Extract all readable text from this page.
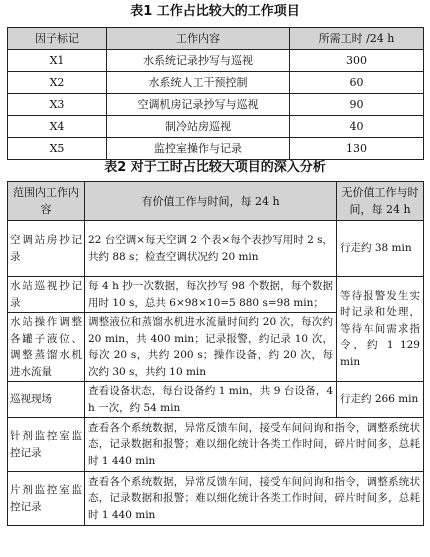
表1 工作占比较大的工作项目
因子标记	工作内容	所需工时 /24 h
X1	水系统记录抄写与巡视	300
X2	水系统人工干预控制	60
X3	空调机房记录抄写与巡视	90
X4	制冷站房巡视	40
X5	监控室操作与记录	130
表2 对于工时占比较大项目的深入分析
范围内工作内容	有价值工作与时间，每 24 h	无价值工作与时间，每 24 h
空调站房抄记录	22 台空调×每天空调 2 个表×每个表抄写用时 2 s，共约 88 s；检查空调状况约 20 min	行走约 38 min
水站巡视抄记录	每 4 h 抄一次数据，每次抄写 98 个数据，每个数据用时 10 s，总共 6×98×10=5 880 s=98 min；	等待报警发生实时记录和处理，等待车间需求指令，约 1 129 min
水站操作调整各罐子液位、调整蒸馏水机进水流量	调整液位和蒸馏水机进水流量时间约 20 次，每次约 20 min，共 400 min；记录报警，约记录 10 次，每次 20 s，共约 200 s；操作设备，约 20 次，每次约 30 s，共约 10 min	
巡视现场	查看设备状态，每台设备约 1 min，共 9 台设备，4 h 一次，约 54 min	行走约 266 min
针剂监控室监控记录	查看各个系统数据，异常反馈车间，接受车间问询和指令，调整系统状态，记录数据和报警；难以细化统计各类工作时间，碎片时间多，总耗时 1 440 min	
片剂监控室监控记录	查看各个系统数据，异常反馈车间，接受车间问询和指令，调整系统状态，记录数据和报警；难以细化统计各类工作时间，碎片时间多，总耗时 1 440 min	
